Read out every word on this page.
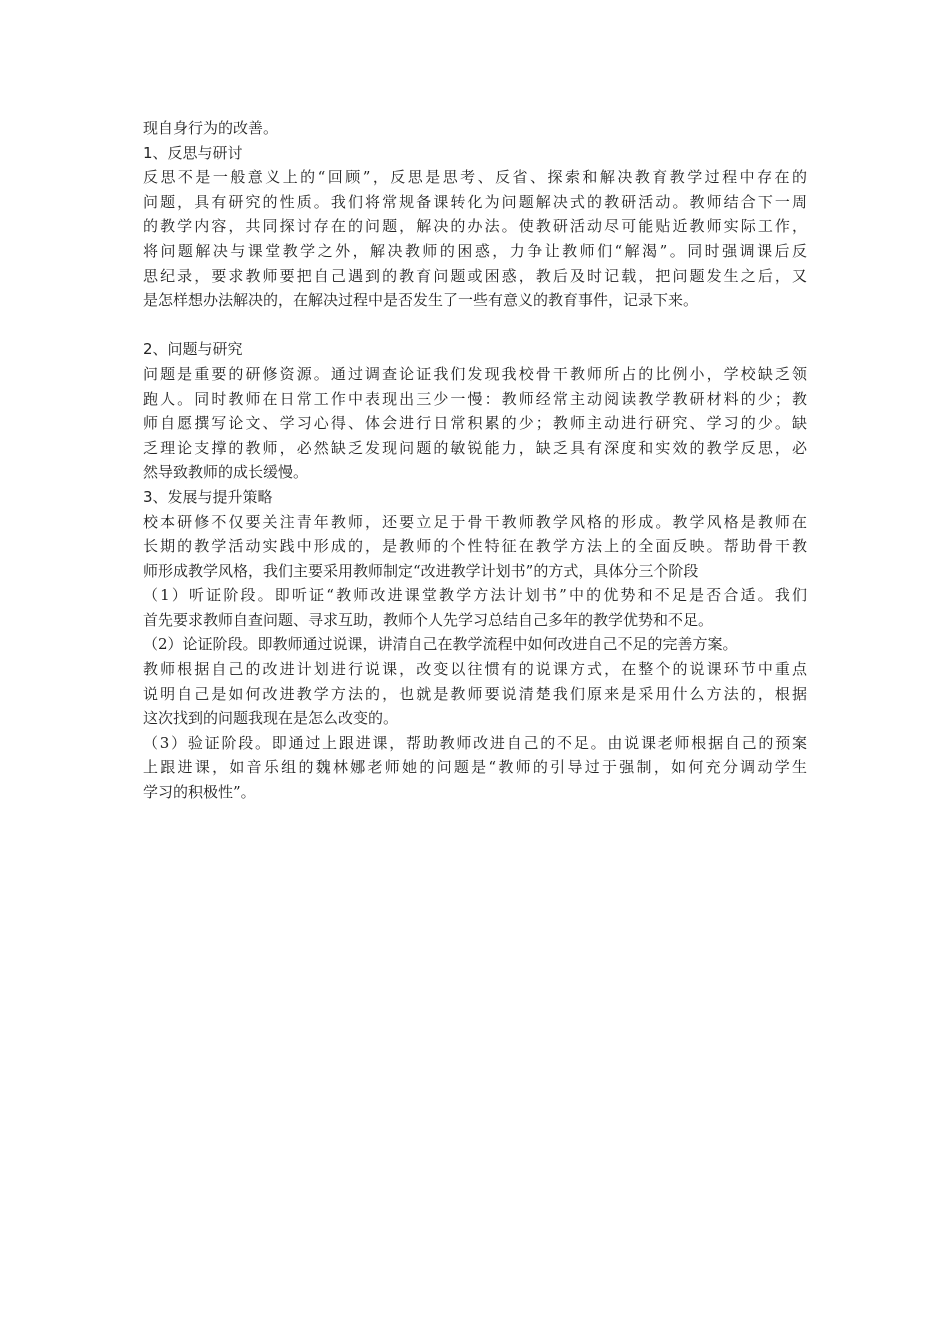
现自身行为的改善。
1、反思与研讨
反思不是一般意义上的“回顾”，反思是思考、反省、探索和解决教育教学过程中存在的
问题，具有研究的性质。我们将常规备课转化为问题解决式的教研活动。教师结合下一周
的教学内容，共同探讨存在的问题，解决的办法。使教研活动尽可能贴近教师实际工作，
将问题解决与课堂教学之外，解决教师的困惑，力争让教师们“解渴”。同时强调课后反
思纪录，要求教师要把自己遇到的教育问题或困惑，教后及时记载，把问题发生之后，又
是怎样想办法解决的，在解决过程中是否发生了一些有意义的教育事件，记录下来。
2、问题与研究
问题是重要的研修资源。通过调查论证我们发现我校骨干教师所占的比例小，学校缺乏领
跑人。同时教师在日常工作中表现出三少一慢：教师经常主动阅读教学教研材料的少；教
师自愿撰写论文、学习心得、体会进行日常积累的少；教师主动进行研究、学习的少。缺
乏理论支撑的教师，必然缺乏发现问题的敏锐能力，缺乏具有深度和实效的教学反思，必
然导致教师的成长缓慢。
3、发展与提升策略
校本研修不仅要关注青年教师，还要立足于骨干教师教学风格的形成。教学风格是教师在
长期的教学活动实践中形成的，是教师的个性特征在教学方法上的全面反映。帮助骨干教
师形成教学风格，我们主要采用教师制定“改进教学计划书”的方式，具体分三个阶段
（1）听证阶段。即听证“教师改进课堂教学方法计划书”中的优势和不足是否合适。我们
首先要求教师自查问题、寻求互助，教师个人先学习总结自己多年的教学优势和不足。
（2）论证阶段。即教师通过说课，讲清自己在教学流程中如何改进自己不足的完善方案。
教师根据自己的改进计划进行说课，改变以往惯有的说课方式，在整个的说课环节中重点
说明自己是如何改进教学方法的，也就是教师要说清楚我们原来是采用什么方法的，根据
这次找到的问题我现在是怎么改变的。
（3）验证阶段。即通过上跟进课，帮助教师改进自己的不足。由说课老师根据自己的预案
上跟进课，如音乐组的魏林娜老师她的问题是“教师的引导过于强制，如何充分调动学生
学习的积极性”。
